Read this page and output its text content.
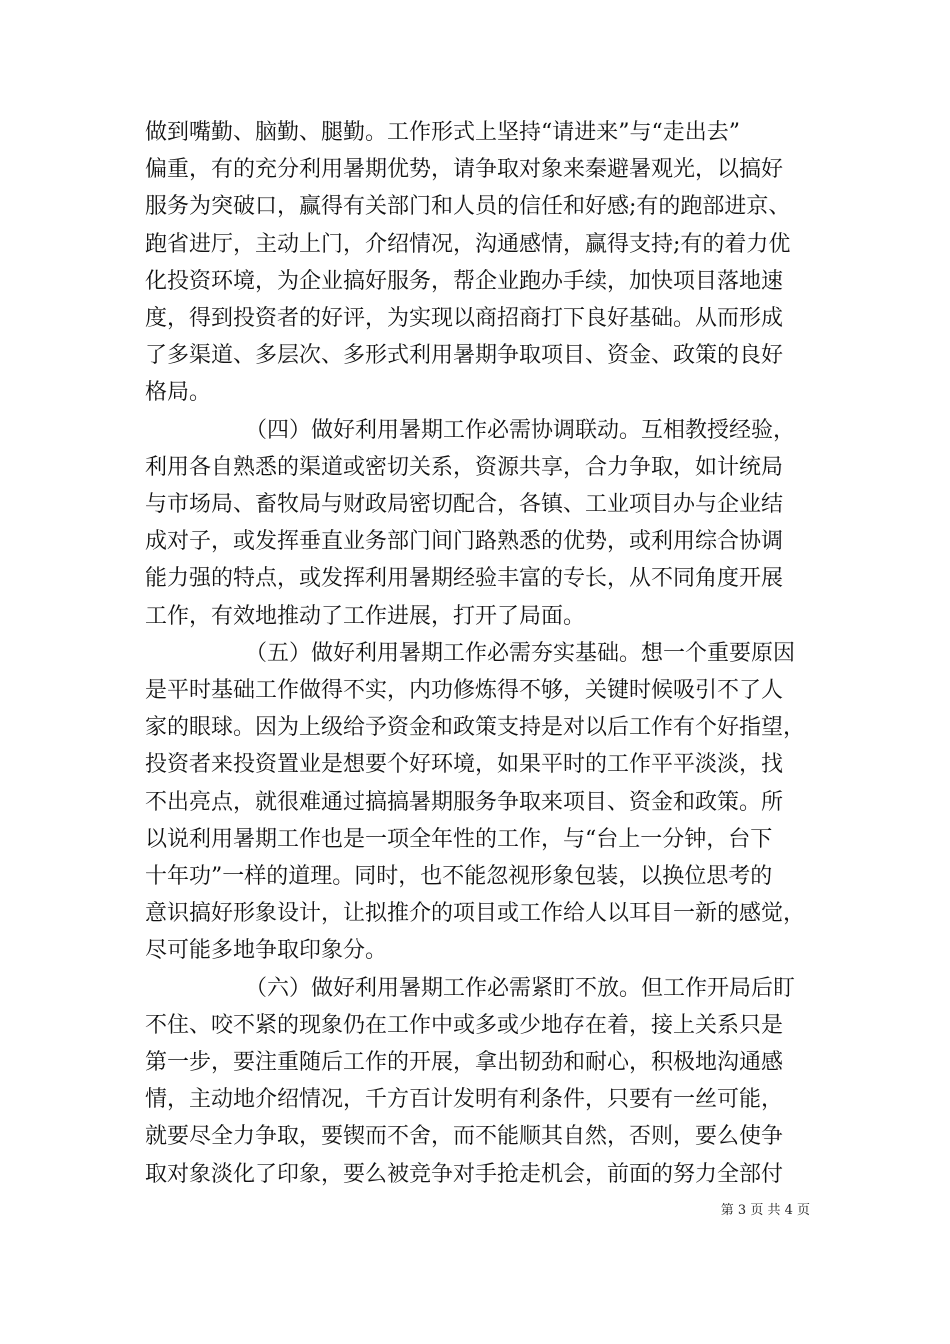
做到嘴勤、脑勤、腿勤。工作形式上坚持“请进来”与“走出去”
偏重，有的充分利用暑期优势，请争取对象来秦避暑观光，以搞好
服务为突破口，赢得有关部门和人员的信任和好感;有的跑部进京、
跑省进厅，主动上门，介绍情况，沟通感情，赢得支持;有的着力优
化投资环境，为企业搞好服务，帮企业跑办手续，加快项目落地速
度，得到投资者的好评，为实现以商招商打下良好基础。从而形成
了多渠道、多层次、多形式利用暑期争取项目、资金、政策的良好
格局。
（四）做好利用暑期工作必需协调联动。互相教授经验，
利用各自熟悉的渠道或密切关系，资源共享，合力争取，如计统局
与市场局、畜牧局与财政局密切配合，各镇、工业项目办与企业结
成对子，或发挥垂直业务部门间门路熟悉的优势，或利用综合协调
能力强的特点，或发挥利用暑期经验丰富的专长，从不同角度开展
工作，有效地推动了工作进展，打开了局面。
（五）做好利用暑期工作必需夯实基础。想一个重要原因
是平时基础工作做得不实，内功修炼得不够，关键时候吸引不了人
家的眼球。因为上级给予资金和政策支持是对以后工作有个好指望，
投资者来投资置业是想要个好环境，如果平时的工作平平淡淡，找
不出亮点，就很难通过搞搞暑期服务争取来项目、资金和政策。所
以说利用暑期工作也是一项全年性的工作，与“台上一分钟，台下
十年功”一样的道理。同时，也不能忽视形象包装，以换位思考的
意识搞好形象设计，让拟推介的项目或工作给人以耳目一新的感觉，
尽可能多地争取印象分。
（六）做好利用暑期工作必需紧盯不放。但工作开局后盯
不住、咬不紧的现象仍在工作中或多或少地存在着，接上关系只是
第一步，要注重随后工作的开展，拿出韧劲和耐心，积极地沟通感
情，主动地介绍情况，千方百计发明有利条件，只要有一丝可能，
就要尽全力争取，要锲而不舍，而不能顺其自然，否则，要么使争
取对象淡化了印象，要么被竞争对手抢走机会，前面的努力全部付
第 3 页 共 4 页
